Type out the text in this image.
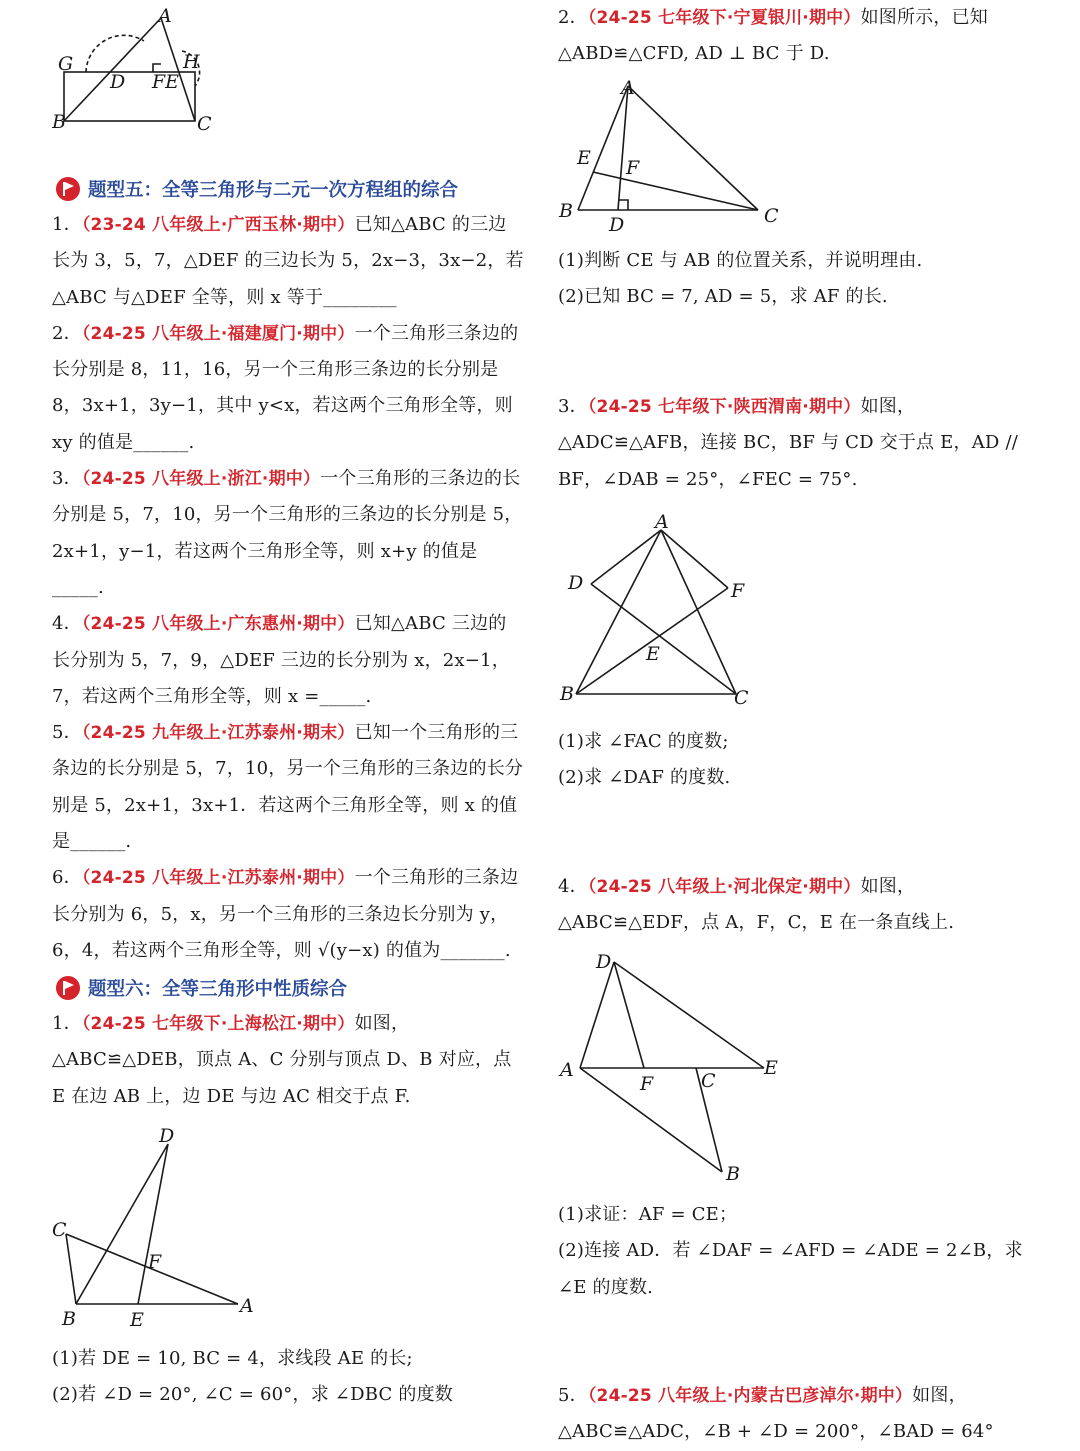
A
G
D FE
H
B	C
题型五：全等三角形与二元一次方程组的综合

1．（23-24 八年级上·广西玉林·期中）已知△ABC 的三边长为 3，5，7，△DEF 的三边长为 5，2x−3，3x−2，若△ABC 与△DEF 全等，则 x 等于________

2．（24-25 八年级上·福建厦门·期中）一个三角形三条边的长分别是 8，11，16，另一个三角形三条边的长分别是 8，3x+1，3y−1，其中 y<x，若这两个三角形全等，则 xy 的值是______.

3．（24-25 八年级上·浙江·期中）一个三角形的三条边的长分别是 5，7，10，另一个三角形的三条边的长分别是 5，2x+1，y−1，若这两个三角形全等，则 x+y 的值是_____.

4．（24-25 八年级上·广东惠州·期中）已知△ABC 三边的长分别为 5，7，9，△DEF 三边的长分别为 x，2x−1，7，若这两个三角形全等，则 x =_____.

5．（24-25 九年级上·江苏泰州·期末）已知一个三角形的三条边的长分别是 5，7，10，另一个三角形的三条边的长分别是 5，2x+1，3x+1．若这两个三角形全等，则 x 的值是______.

6．（24-25 八年级上·江苏泰州·期中）一个三角形的三条边长分别为 6，5，x，另一个三角形的三条边长分别为 y，6，4，若这两个三角形全等，则 √(y−x) 的值为_______.

题型六：全等三角形中性质综合

1．（24-25 七年级下·上海松江·期中）如图，△ABC≌△DEB，顶点 A、C 分别与顶点 D、B 对应，点 E 在边 AB 上，边 DE 与边 AC 相交于点 F.

D
C
F
B	E
A

(1)若 DE = 10, BC = 4，求线段 AE 的长;

(2)若 ∠D = 20°, ∠C = 60°，求 ∠DBC 的度数

2．（24-25 七年级下·宁夏银川·期中）如图所示，已知△ABD≌△CFD, AD ⊥ BC 于 D.

A
E F
B
D	C

(1)判断 CE 与 AB 的位置关系，并说明理由.

(2)已知 BC = 7, AD = 5，求 AF 的长.

3．（24-25 七年级下·陕西渭南·期中）如图，△ADC≌△AFB，连接 BC，BF 与 CD 交于点 E，AD // BF，∠DAB = 25°，∠FEC = 75°.

A
D	F
E
B	C

(1)求 ∠FAC 的度数;

(2)求 ∠DAF 的度数.

4．（24-25 八年级上·河北保定·期中）如图，△ABC≌△EDF，点 A，F，C，E 在一条直线上.

D
A
F	C
E
B

(1)求证：AF = CE；

(2)连接 AD．若 ∠DAF = ∠AFD = ∠ADE = 2∠B，求 ∠E 的度数.

5．（24-25 八年级上·内蒙古巴彦淖尔·期中）如图，△ABC≌△ADC，∠B + ∠D = 200°，∠BAD = 64°
